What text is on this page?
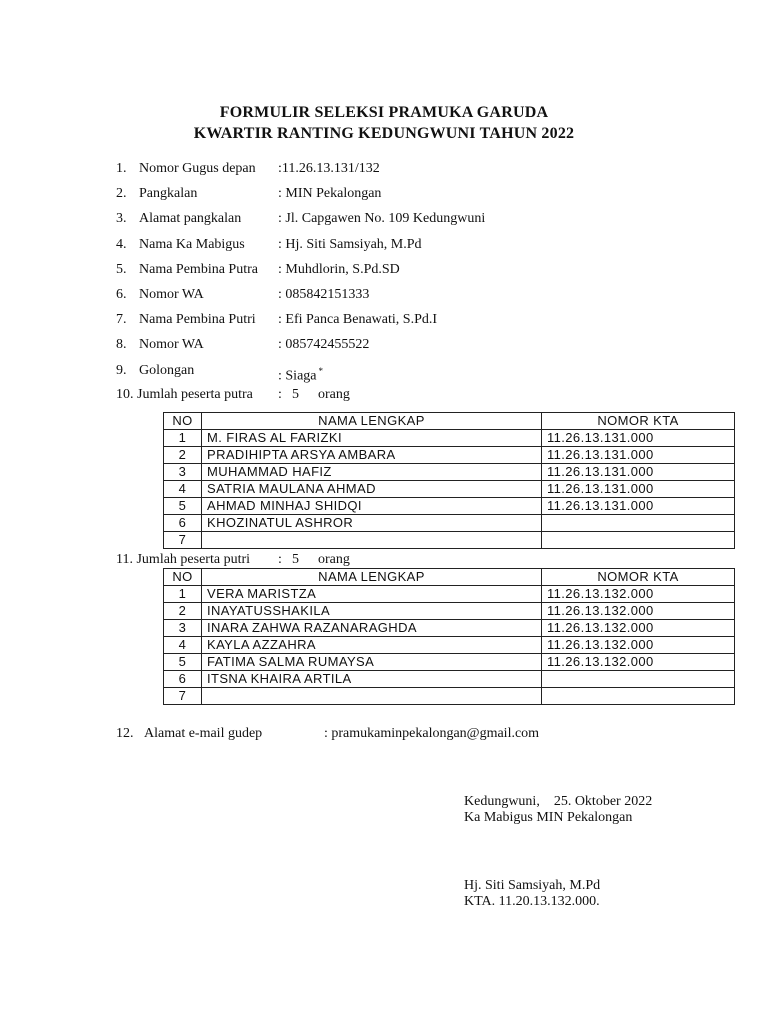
FORMULIR SELEKSI PRAMUKA GARUDA
KWARTIR RANTING KEDUNGWUNI TAHUN 2022
1. Nomor Gugus depan :11.26.13.131/132
2. Pangkalan	: MIN Pekalongan
3. Alamat pangkalan	: Jl. Capgawen No. 109 Kedungwuni
4. Nama Ka Mabigus : Hj. Siti Samsiyah, M.Pd
5. Nama Pembina Putra : Muhdlorin, S.Pd.SD
6. Nomor WA	: 085842151333
7. Nama Pembina Putri : Efi Panca Benawati, S.Pd.I
8. Nomor WA	: 085742455522
9. Golongan	: Siaga *
10. Jumlah peserta putra : 5 orang
NO	NAMA LENGKAP	NOMOR KTA
1	M. FIRAS AL FARIZKI	11.26.13.131.000
2	PRADIHIPTA ARSYA AMBARA	11.26.13.131.000
3	MUHAMMAD HAFIZ	11.26.13.131.000
4	SATRIA MAULANA AHMAD	11.26.13.131.000
5	AHMAD MINHAJ SHIDQI	11.26.13.131.000
6	KHOZINATUL ASHROR	
7		
11. Jumlah peserta putri : 5 orang
NO	NAMA LENGKAP	NOMOR KTA
1	VERA MARISTZA	11.26.13.132.000
2	INAYATUSSHAKILA	11.26.13.132.000
3	INARA ZAHWA RAZANARAGHDA	11.26.13.132.000
4	KAYLA AZZAHRA	11.26.13.132.000
5	FATIMA SALMA RUMAYSA	11.26.13.132.000
6	ITSNA KHAIRA ARTILA	
7		
12. Alamat e-mail gudep	: pramukaminpekalongan@gmail.com
Kedungwuni,    25. Oktober 2022
Ka Mabigus MIN Pekalongan
Hj. Siti Samsiyah, M.Pd
KTA. 11.20.13.132.000.
